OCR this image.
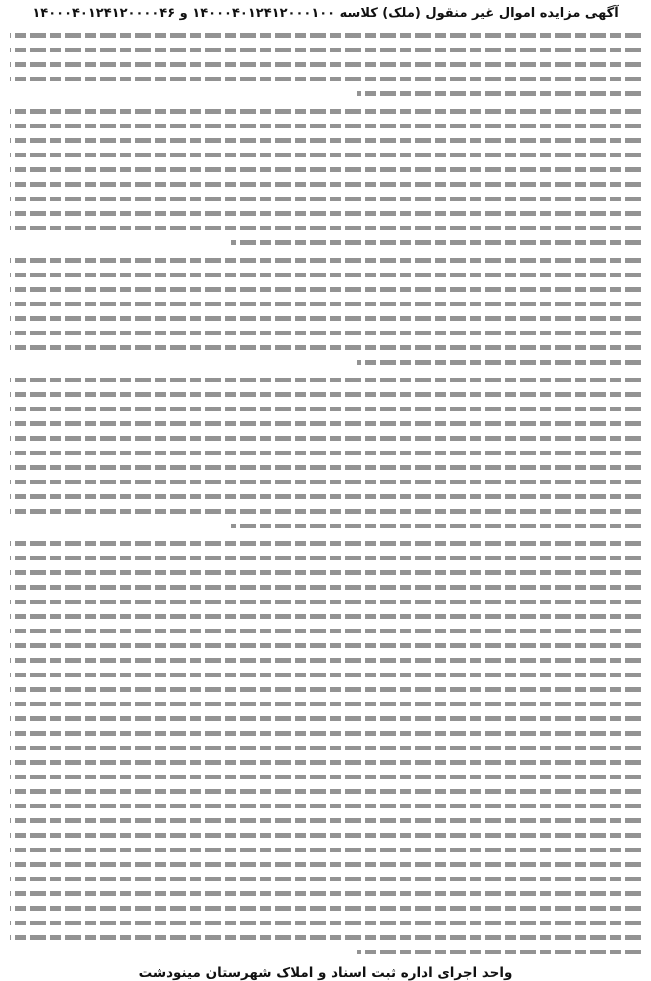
آگهی مزایده اموال غیر منقول (ملک) کلاسه ۱۴۰۰۰۴۰۱۲۴۱۲۰۰۰۱۰۰ و ۱۴۰۰۰۴۰۱۲۴۱۲۰۰۰۰۴۶
واحد اجرای اداره ثبت اسناد و املاک شهرستان مینودشت
